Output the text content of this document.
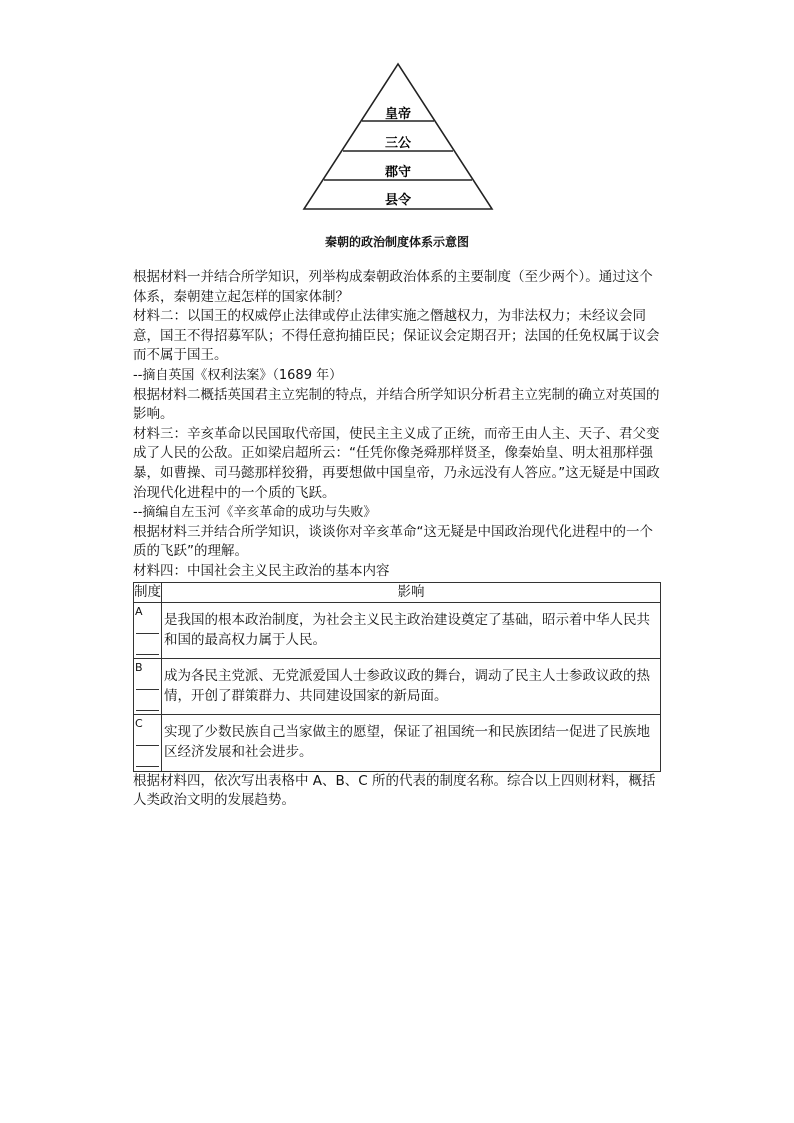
皇帝
三公
郡守
县令
秦朝的政治制度体系示意图

根据材料一并结合所学知识，列举构成秦朝政治体系的主要制度（至少两个）。通过这个体系，秦朝建立起怎样的国家体制？

材料二：以国王的权威停止法律或停止法律实施之僭越权力，为非法权力；未经议会同意，国王不得招募军队；不得任意拘捕臣民；保证议会定期召开；法国的任免权属于议会而不属于国王。

--摘自英国《权利法案》（1689 年）

根据材料二概括英国君主立宪制的特点，并结合所学知识分析君主立宪制的确立对英国的影响。

材料三：辛亥革命以民国取代帝国，使民主主义成了正统，而帝王由人主、天子、君父变成了人民的公敌。正如梁启超所云：“任凭你像尧舜那样贤圣，像秦始皇、明太祖那样强暴，如曹操、司马懿那样狡猾，再要想做中国皇帝，乃永远没有人答应。”这无疑是中国政治现代化进程中的一个质的飞跃。

--摘编自左玉河《辛亥革命的成功与失败》

根据材料三并结合所学知识，谈谈你对辛亥革命“这无疑是中国政治现代化进程中的一个质的飞跃”的理解。

材料四：中国社会主义民主政治的基本内容

制度	影响

A	是我国的根本政治制度，为社会主义民主政治建设奠定了基础，昭示着中华人民共和国的最高权力属于人民。

B	成为各民主党派、无党派爱国人士参政议政的舞台，调动了民主人士参政议政的热情，开创了群策群力、共同建设国家的新局面。

C	实现了少数民族自己当家做主的愿望，保证了祖国统一和民族团结一促进了民族地区经济发展和社会进步。

根据材料四，依次写出表格中 A、B、C 所的代表的制度名称。综合以上四则材料，概括人类政治文明的发展趋势。
